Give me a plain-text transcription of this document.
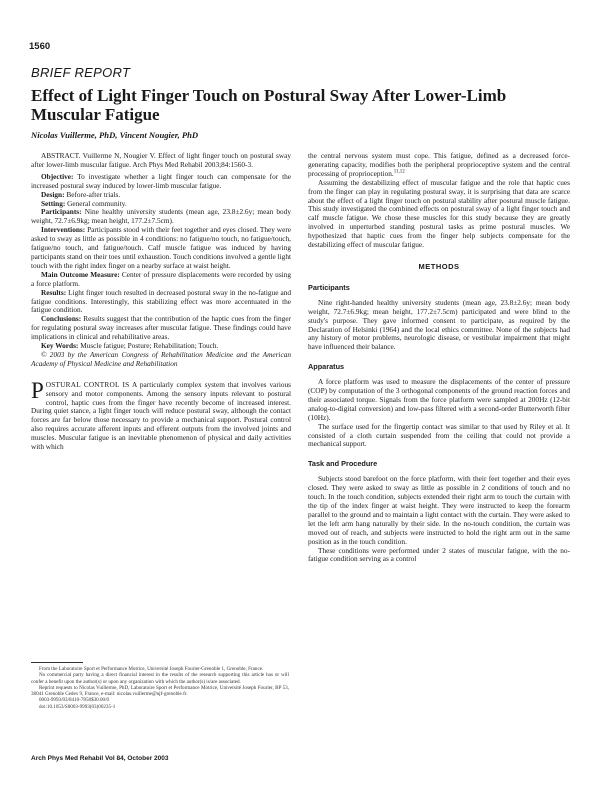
1560
BRIEF REPORT
Effect of Light Finger Touch on Postural Sway After Lower-Limb Muscular Fatigue
Nicolas Vuillerme, PhD, Vincent Nougier, PhD

ABSTRACT. Vuillerme N, Nougier V. Effect of light finger touch on postural sway after lower-limb muscular fatigue. Arch Phys Med Rehabil 2003;84:1560-3.

Objective: To investigate whether a light finger touch can compensate for the increased postural sway induced by lower-limb muscular fatigue.

Design: Before-after trials.

Setting: General community.

Participants: Nine healthy university students (mean age, 23.8±2.6y; mean body weight, 72.7±6.9kg; mean height, 177.2±7.5cm).

Interventions: Participants stood with their feet together and eyes closed. They were asked to sway as little as possible in 4 conditions: no fatigue/no touch, no fatigue/touch, fatigue/no touch, and fatigue/touch. Calf muscle fatigue was induced by having participants stand on their toes until exhaustion. Touch conditions involved a gentle light touch with the right index finger on a nearby surface at waist height.

Main Outcome Measure: Center of pressure displacements were recorded by using a force platform.

Results: Light finger touch resulted in decreased postural sway in the no-fatigue and fatigue conditions. Interestingly, this stabilizing effect was more accentuated in the fatigue condition.

Conclusions: Results suggest that the contribution of the haptic cues from the finger for regulating postural sway increases after muscular fatigue. These findings could have implications in clinical and rehabilitative areas.

Key Words: Muscle fatigue; Posture; Rehabilitation; Touch.

© 2003 by the American Congress of Rehabilitation Medicine and the American Academy of Physical Medicine and Rehabilitation

POSTURAL CONTROL IS A particularly complex system that involves various sensory and motor components. Among the sensory inputs relevant to postural control, haptic cues from the finger have recently become of increased interest. During quiet stance, a light finger touch will reduce postural sway, although the contact forces are far below those necessary to provide a mechanical support. Postural control also requires accurate afferent inputs and efferent outputs from the involved joints and muscles. Muscular fatigue is an inevitable phenomenon of physical and daily activities with which

the central nervous system must cope. This fatigue, defined as a decreased force-generating capacity, modifies both the peripheral proprioceptive system and the central processing of proprioception.$^{11,12}$

Assuming the destabilizing effect of muscular fatigue and the role that haptic cues from the finger can play in regulating postural sway, it is surprising that data are scarce about the effect of a light finger touch on postural stability after postural muscle fatigue. This study investigated the combined effects on postural sway of a light finger touch and calf muscle fatigue. We chose these muscles for this study because they are greatly involved in unperturbed standing postural tasks as prime postural muscles. We hypothesized that haptic cues from the finger help subjects compensate for the destabilizing effect of muscular fatigue.

METHODS
Participants

Nine right-handed healthy university students (mean age, 23.8±2.6y; mean body weight, 72.7±6.9kg; mean height, 177.2±7.5cm) participated and were blind to the study's purpose. They gave informed consent to participate, as required by the Declaration of Helsinki (1964) and the local ethics committee. None of the subjects had any history of motor problems, neurologic disease, or vestibular impairment that might have influenced their balance.

Apparatus

A force platform was used to measure the displacements of the center of pressure (COP) by computation of the 3 orthogonal components of the ground reaction forces and their associated torque. Signals from the force platform were sampled at 200Hz (12-bit analog-to-digital conversion) and low-pass filtered with a second-order Butterworth filter (10Hz).

The surface used for the fingertip contact was similar to that used by Riley et al. It consisted of a cloth curtain suspended from the ceiling that could not provide a mechanical support.

Task and Procedure

Subjects stood barefoot on the force platform, with their feet together and their eyes closed. They were asked to sway as little as possible in 2 conditions of touch and no touch. In the touch condition, subjects extended their right arm to touch the curtain with the tip of the index finger at waist height. They were instructed to keep the forearm parallel to the ground and to maintain a light contact with the curtain. They were asked to let the left arm hang naturally by their side. In the no-touch condition, the curtain was moved out of reach, and subjects were instructed to hold the right arm out in the same position as in the touch condition.

These conditions were performed under 2 states of muscular fatigue, with the no-fatigue condition serving as a control

From the Laboratoire Sport et Performance Motrice, Université Joseph Fourier-Grenoble 1, Grenoble, France.

No commercial party having a direct financial interest in the results of the research supporting this article has or will confer a benefit upon the author(s) or upon any organization with which the author(s) is/are associated.

Reprint requests to Nicolas Vuillerme, PhD, Laboratoire Sport et Performance Motrice, Université Joseph Fourier, BP 53, 38041 Grenoble Cedex 9, France, e-mail: nicolas.vuillerme@ujf-grenoble.fr.

0003-9993/03/8410-7858$30.00/0

doi:10.1053/S0003-9993(03)00235-1

Arch Phys Med Rehabil Vol 84, October 2003
